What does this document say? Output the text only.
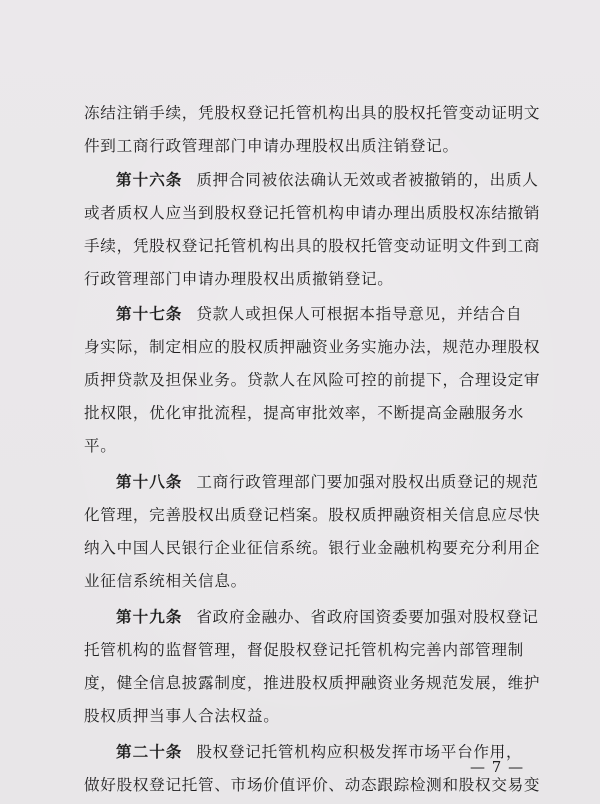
冻结注销手续，凭股权登记托管机构出具的股权托管变动证明文
件到工商行政管理部门申请办理股权出质注销登记。
第十六条 质押合同被依法确认无效或者被撤销的，出质人
或者质权人应当到股权登记托管机构申请办理出质股权冻结撤销
手续，凭股权登记托管机构出具的股权托管变动证明文件到工商
行政管理部门申请办理股权出质撤销登记。
第十七条 贷款人或担保人可根据本指导意见，并结合自
身实际，制定相应的股权质押融资业务实施办法，规范办理股权
质押贷款及担保业务。贷款人在风险可控的前提下，合理设定审
批权限，优化审批流程，提高审批效率，不断提高金融服务水
平。
第十八条 工商行政管理部门要加强对股权出质登记的规范
化管理，完善股权出质登记档案。股权质押融资相关信息应尽快
纳入中国人民银行企业征信系统。银行业金融机构要充分利用企
业征信系统相关信息。
第十九条 省政府金融办、省政府国资委要加强对股权登记
托管机构的监督管理，督促股权登记托管机构完善内部管理制
度，健全信息披露制度，推进股权质押融资业务规范发展，维护
股权质押当事人合法权益。
第二十条 股权登记托管机构应积极发挥市场平台作用，
做好股权登记托管、市场价值评价、动态跟踪检测和股权交易变
— 7 —
